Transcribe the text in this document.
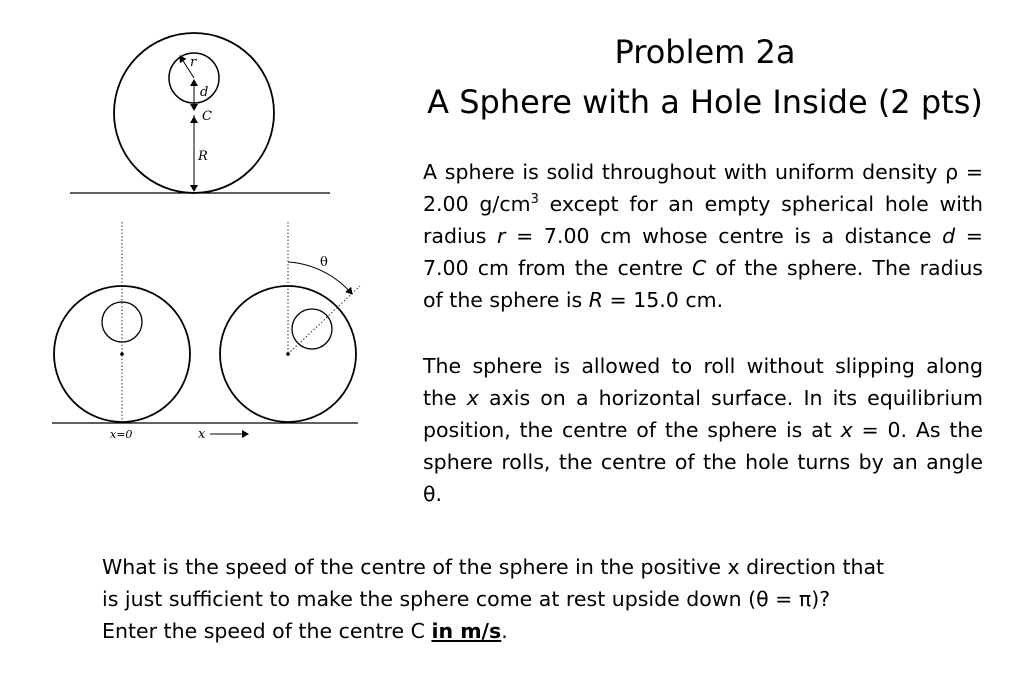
r
d
C
R
θ
x=0	x
Problem 2a
A Sphere with a Hole Inside (2 pts)

A sphere is solid throughout with uniform density ρ = 2.00 $g/cm^3$ except for an empty spherical hole with radius r = 7.00 cm whose centre is a distance d = 7.00 cm from the centre C of the sphere. The radius of the sphere is R = 15.0 cm.

The sphere is allowed to roll without slipping along the x axis on a horizontal surface. In its equilibrium position, the centre of the sphere is at x = 0. As the sphere rolls, the centre of the hole turns by an angle θ.

What is the speed of the centre of the sphere in the positive x direction that
is just sufficient to make the sphere come at rest upside down (θ = π)?
Enter the speed of the centre C in m/s.
